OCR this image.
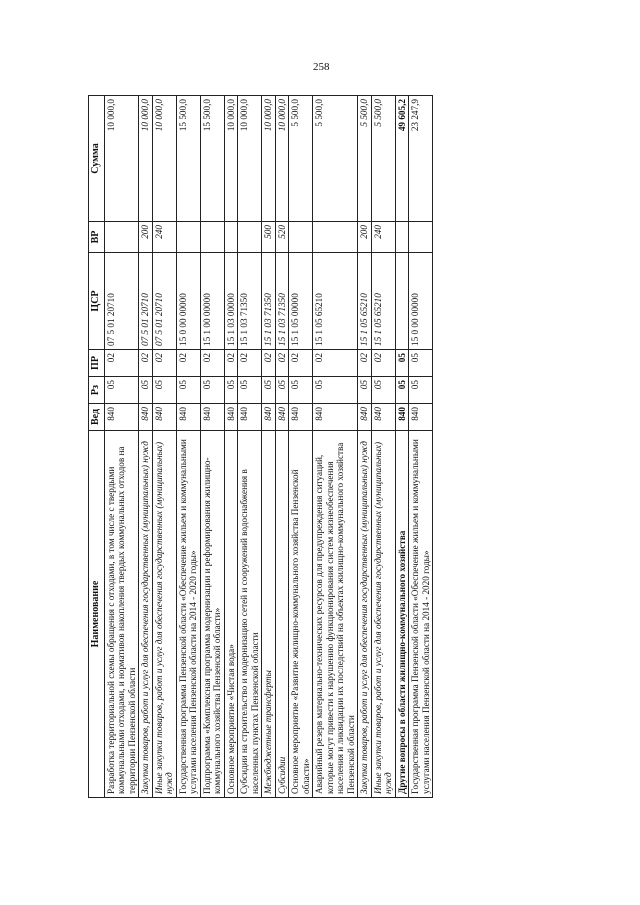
258
Наименование	Вед	Рз	ПР	ЦСР	ВР	Сумма
Разработка территориальной схемы обращения с отходами, в том числе с твердыми коммунальными отходами, и нормативов накопления твердых коммунальных отходов на территории Пензенской области	840	05	02	07 5 01 20710		10 000,0
Закупка товаров, работ и услуг для обеспечения государственных (муниципальных) нужд	840	05	02	07 5 01 20710	200	10 000,0
Иные закупки товаров, работ и услуг для обеспечения государственных (муниципальных) нужд	840	05	02	07 5 01 20710	240	10 000,0
Государственная программа Пензенской области «Обеспечение жильем и коммунальными услугами населения Пензенской области на 2014 - 2020 годы»	840	05	02	15 0 00 00000		15 500,0
Подпрограмма «Комплексная программа модернизации и реформирования жилищно-коммунального хозяйства Пензенской области»	840	05	02	15 1 00 00000		15 500,0
Основное мероприятие «Чистая вода»	840	05	02	15 1 03 00000		10 000,0
Субсидии на строительство и модернизацию сетей и сооружений водоснабжения в населенных пунктах Пензенской области	840	05	02	15 1 03 71350		10 000,0
Межбюджетные трансферты	840	05	02	15 1 03 71350	500	10 000,0
Субсидии	840	05	02	15 1 03 71350	520	10 000,0
Основное мероприятие «Развитие жилищно-коммунального хозяйства Пензенской области»	840	05	02	15 1 05 00000		5 500,0
Аварийный резерв материально-технических ресурсов для предупреждения ситуаций, которые могут привести к нарушению функционирования систем жизнеобеспечения населения и ликвидации их последствий на объектах жилищно-коммунального хозяйства Пензенской области	840	05	02	15 1 05 65210		5 500,0
Закупка товаров, работ и услуг для обеспечения государственных (муниципальных) нужд	840	05	02	15 1 05 65210	200	5 500,0
Иные закупки товаров, работ и услуг для обеспечения государственных (муниципальных) нужд	840	05	02	15 1 05 65210	240	5 500,0
Другие вопросы в области жилищно-коммунального хозяйства	840	05	05			49 605,2
Государственная программа Пензенской области «Обеспечение жильем и коммунальными услугами населения Пензенской области на 2014 - 2020 годы»	840	05	05	15 0 00 00000		23 247,9
